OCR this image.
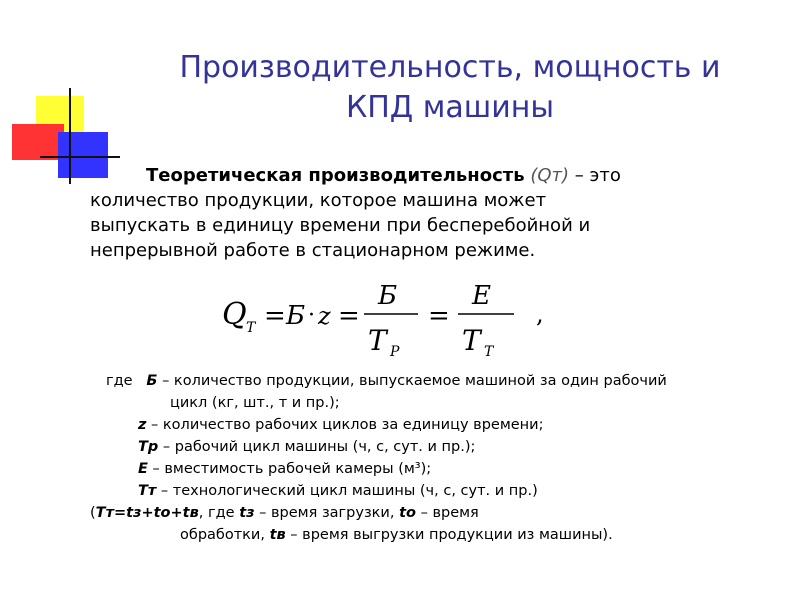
Производительность, мощность и
КПД машины
Теоретическая производительность (Qт) – это
количество продукции, которое машина может
выпускать в единицу времени при бесперебойной и
непрерывной работе в стационарном режиме.
Q T = Б · z =
Б
T P
=
E
T T
,
где Б – количество продукции, выпускаемое машиной за один рабочий
цикл (кг, шт., т и пр.);
z – количество рабочих циклов за единицу времени;
Tр – рабочий цикл машины (ч, с, сут. и пр.);
E – вместимость рабочей камеры (м³);
Tт – технологический цикл машины (ч, с, сут. и пр.)
(Tт=tз+tо+tв, где tз – время загрузки, tо – время
обработки, tв – время выгрузки продукции из машины).
